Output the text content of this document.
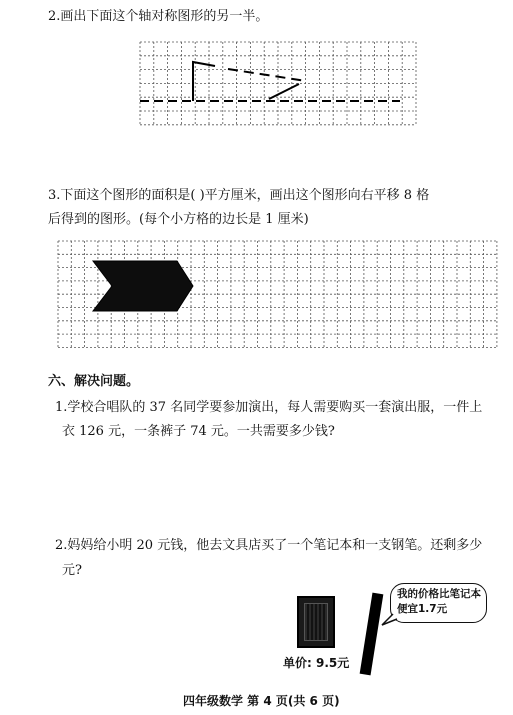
2.画出下面这个轴对称图形的另一半。
3.下面这个图形的面积是( )平方厘米，画出这个图形向右平移 8 格
后得到的图形。(每个小方格的边长是 1 厘米)
六、解决问题。
1.学校合唱队的 37 名同学要参加演出，每人需要购买一套演出服，一件上
衣 126 元，一条裤子 74 元。一共需要多少钱?
2.妈妈给小明 20 元钱，他去文具店买了一个笔记本和一支钢笔。还剩多少
元?
单价: 9.5元
我的价格比笔记本便宜1.7元
四年级数学 第 4 页(共 6 页)
